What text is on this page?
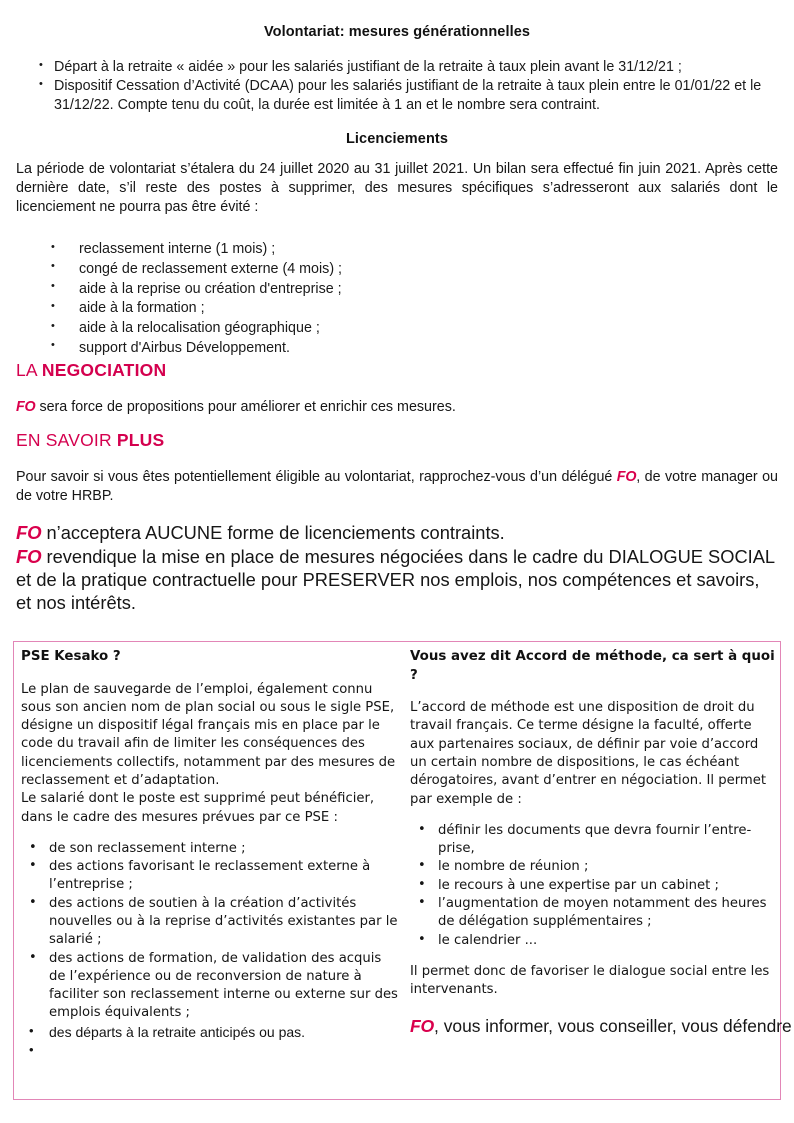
Volontariat: mesures générationnelles
• Départ à la retraite « aidée » pour les salariés justifiant de la retraite à taux plein avant le 31/12/21 ;
• Dispositif Cessation d’Activité (DCAA) pour les salariés justifiant de la retraite à taux plein entre le 01/01/22 et le 31/12/22. Compte tenu du coût, la durée est limitée à 1 an et le nombre sera contraint.
Licenciements
La période de volontariat s’étalera du 24 juillet 2020 au 31 juillet 2021. Un bilan sera effectué fin juin 2021. Après cette dernière date, s’il reste des postes à supprimer, des mesures spécifiques s’adresseront aux salariés dont le licenciement ne pourra pas être évité :
• reclassement interne (1 mois) ;
• congé de reclassement externe (4 mois) ;
• aide à la reprise ou création d'entreprise ;
• aide à la formation ;
• aide à la relocalisation géographique ;
• support d'Airbus Développement.
LA NEGOCIATION
FO sera force de propositions pour améliorer et enrichir ces mesures.
EN SAVOIR PLUS
Pour savoir si vous êtes potentiellement éligible au volontariat, rapprochez-vous d’un délégué FO, de votre manager ou de votre HRBP.
FO n’acceptera AUCUNE forme de licenciements contraints.
FO revendique la mise en place de mesures négociées dans le cadre du DIALOGUE SOCIAL et de la pratique contractuelle pour PRESERVER nos emplois, nos compétences et savoirs, et nos intérêts.
PSE Kesako ?
Le plan de sauvegarde de l’emploi, également connu sous son ancien nom de plan social ou sous le sigle PSE, désigne un dispositif légal français mis en place par le code du travail afin de limiter les conséquences des licenciements collectifs, notamment par des mesures de reclassement et d’adaptation.
Le salarié dont le poste est supprimé peut bénéficier, dans le cadre des mesures prévues par ce PSE :
• de son reclassement interne ;
• des actions favorisant le reclassement externe à l’entreprise ;
• des actions de soutien à la création d’activités nouvelles ou à la reprise d’activités existantes par le salarié ;
• des actions de formation, de validation des acquis de l’expérience ou de reconversion de nature à faciliter son reclassement interne ou externe sur des emplois équivalents ;
• des départs à la retraite anticipés ou pas.
•
Vous avez dit Accord de méthode, ca sert à quoi ?
L’accord de méthode est une disposition de droit du travail français. Ce terme désigne la faculté, offerte aux partenaires sociaux, de définir par voie d’accord un certain nombre de dispositions, le cas échéant dérogatoires, avant d’entrer en négociation. Il permet par exemple de :
• définir les documents que devra fournir l’entre-prise,
• le nombre de réunion ;
• le recours à une expertise par un cabinet ;
• l’augmentation de moyen notamment des heures de délégation supplémentaires ;
• le calendrier ...
Il permet donc de favoriser le dialogue social entre les intervenants.
FO, vous informer, vous conseiller, vous défendre
